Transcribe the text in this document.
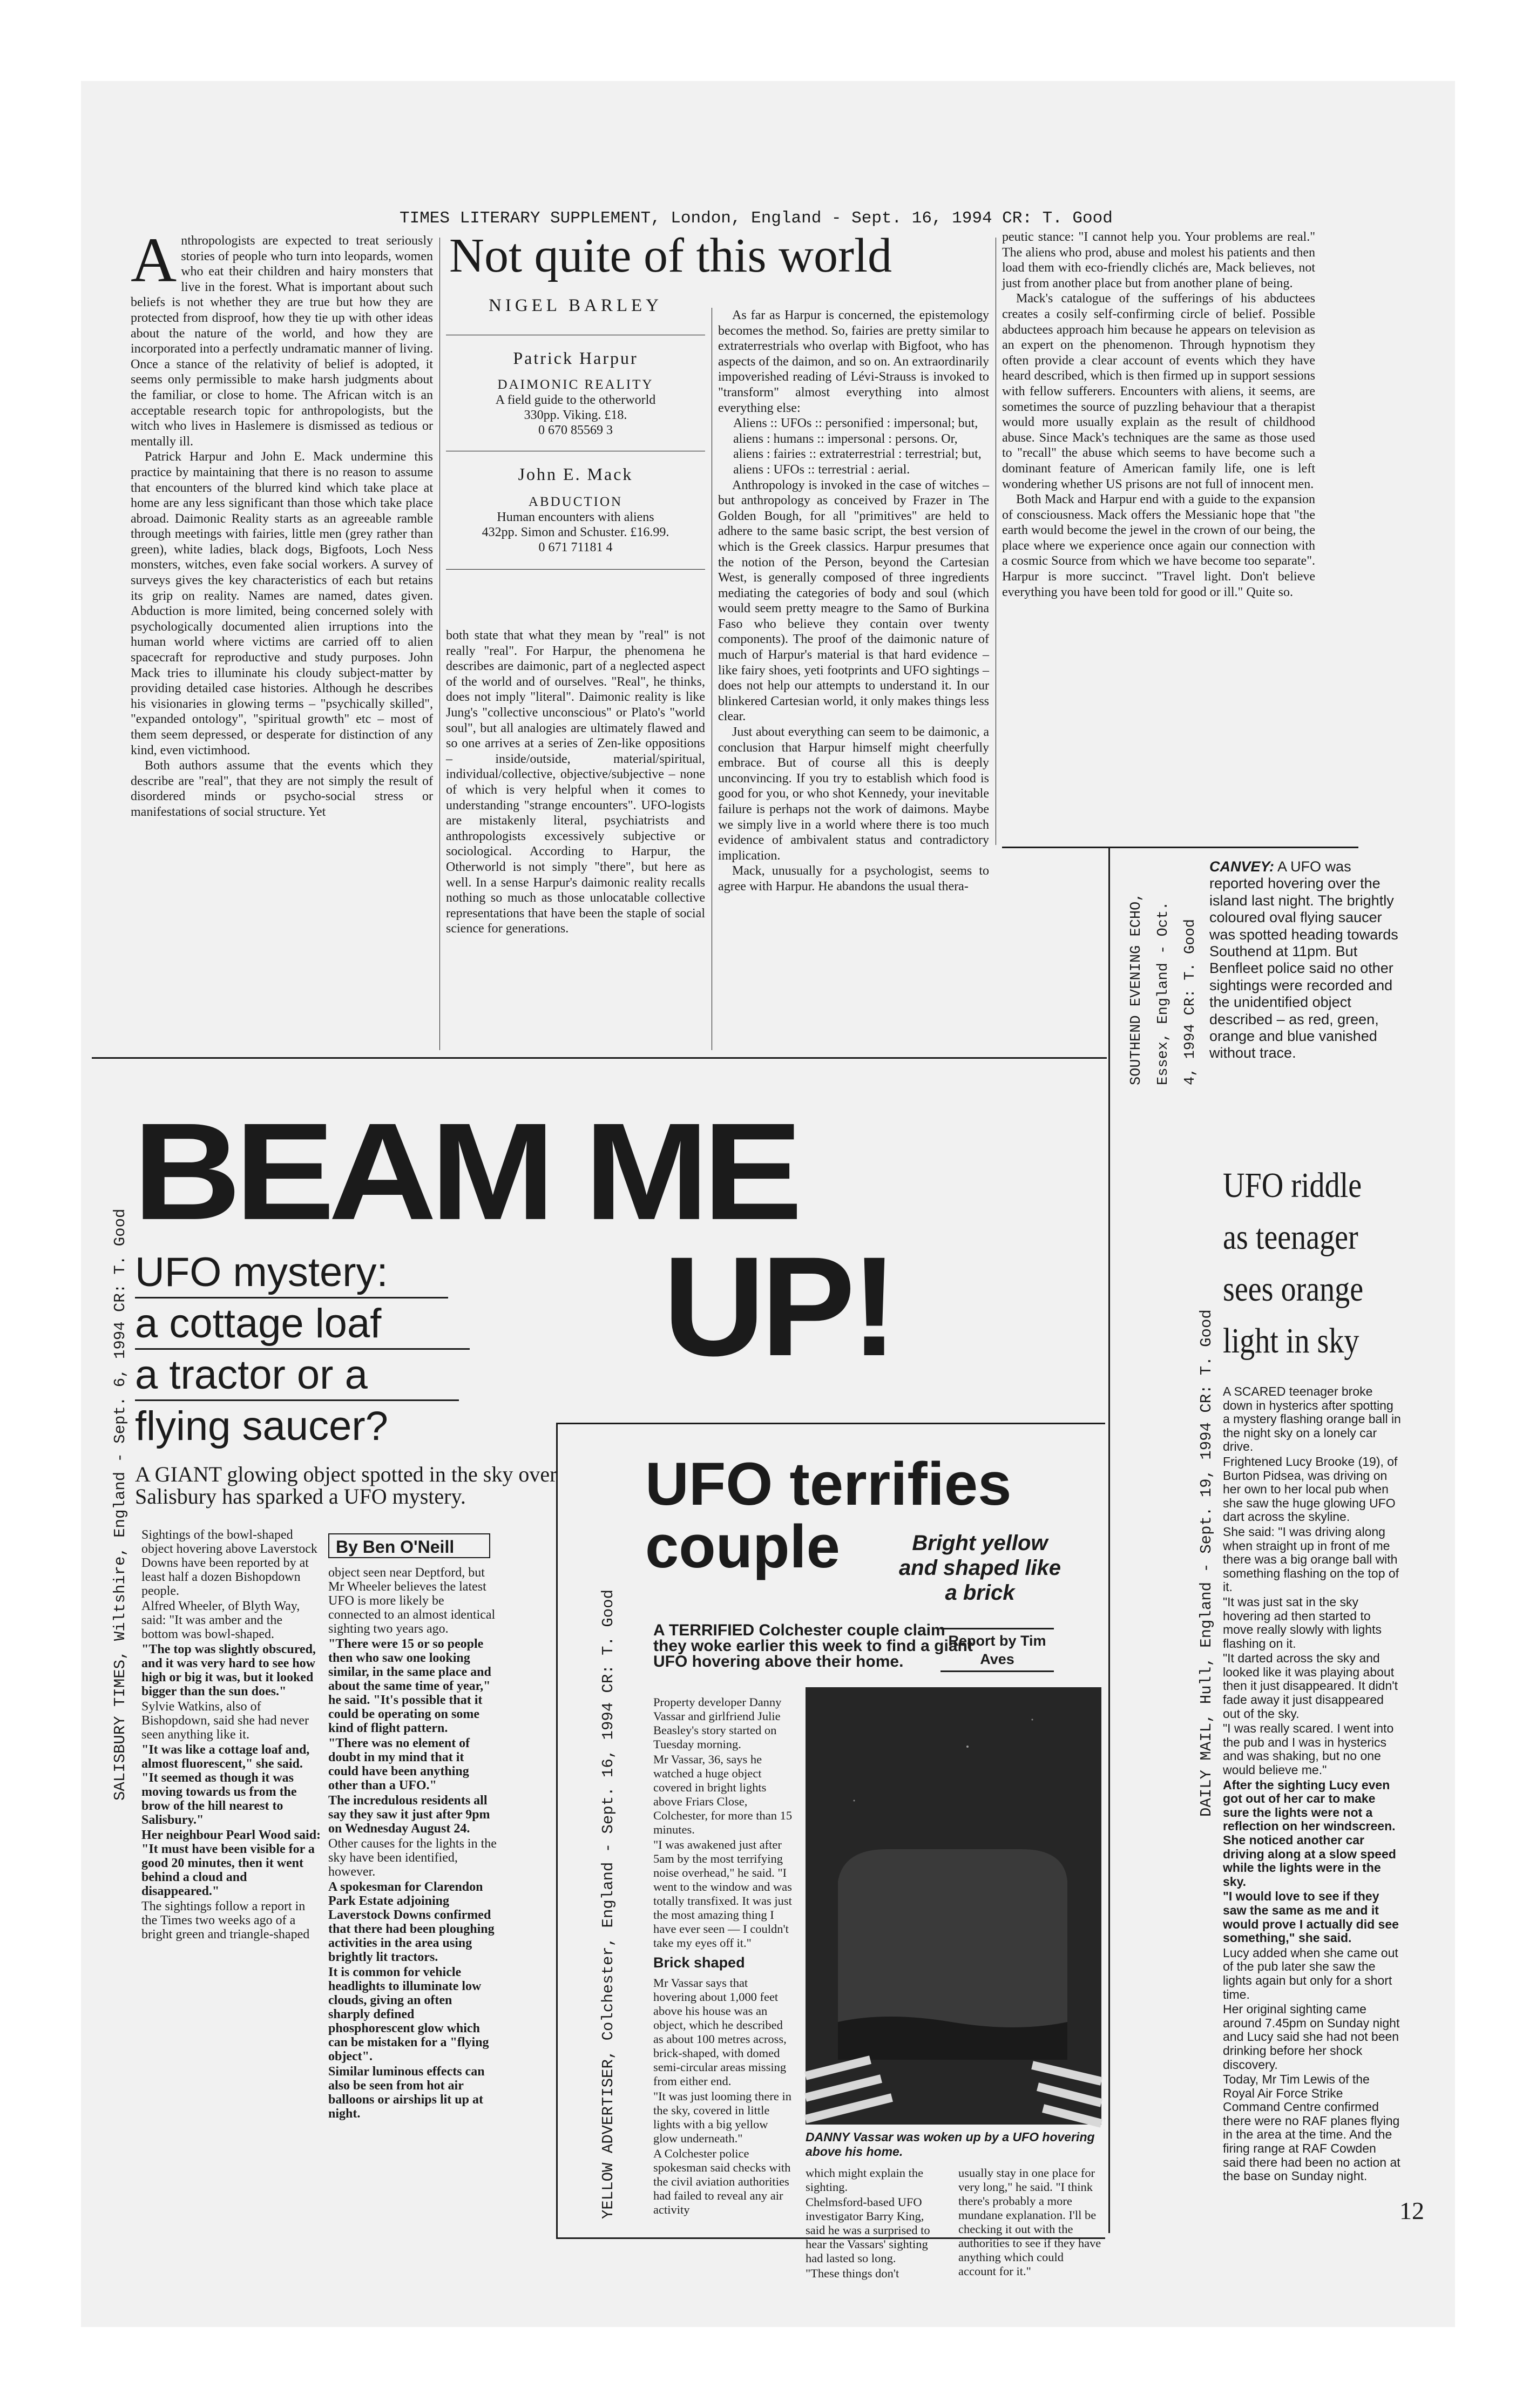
TIMES LITERARY SUPPLEMENT, London, England - Sept. 16, 1994 CR: T. Good
A nthropologists are expected to treat seriously stories of people who turn into leopards, women who eat their children and hairy monsters that live in the forest. What is important about such beliefs is not whether they are true but how they are protected from disproof, how they tie up with other ideas about the nature of the world, and how they are incorporated into a perfectly undramatic manner of living. Once a stance of the relativity of belief is adopted, it seems only permissible to make harsh judgments about the familiar, or close to home. The African witch is an acceptable research topic for anthropologists, but the witch who lives in Haslemere is dismissed as tedious or mentally ill.

Patrick Harpur and John E. Mack undermine this practice by maintaining that there is no reason to assume that encounters of the blurred kind which take place at home are any less significant than those which take place abroad. Daimonic Reality starts as an agreeable ramble through meetings with fairies, little men (grey rather than green), white ladies, black dogs, Bigfoots, Loch Ness monsters, witches, even fake social workers. A survey of surveys gives the key characteristics of each but retains its grip on reality. Names are named, dates given. Abduction is more limited, being concerned solely with psychologically documented alien irruptions into the human world where victims are carried off to alien spacecraft for reproductive and study purposes. John Mack tries to illuminate his cloudy subject-matter by providing detailed case histories. Although he describes his visionaries in glowing terms – "psychically skilled", "expanded ontology", "spiritual growth" etc – most of them seem depressed, or desperate for distinction of any kind, even victimhood.

Both authors assume that the events which they describe are "real", that they are not simply the result of disordered minds or psycho-social stress or manifestations of social structure. Yet

Not quite of this world
NIGEL BARLEY
Patrick Harpur
DAIMONIC REALITY
A field guide to the otherworld
330pp. Viking. £18.
0 670 85569 3
John E. Mack
ABDUCTION
Human encounters with aliens
432pp. Simon and Schuster. £16.99.
0 671 71181 4

both state that what they mean by "real" is not really "real". For Harpur, the phenomena he describes are daimonic, part of a neglected aspect of the world and of ourselves. "Real", he thinks, does not imply "literal". Daimonic reality is like Jung's "collective unconscious" or Plato's "world soul", but all analogies are ultimately flawed and so one arrives at a series of Zen-like oppositions – inside/outside, material/spiritual, individual/collective, objective/subjective – none of which is very helpful when it comes to understanding "strange encounters". UFO-logists are mistakenly literal, psychiatrists and anthropologists excessively subjective or sociological. According to Harpur, the Otherworld is not simply "there", but here as well. In a sense Harpur's daimonic reality recalls nothing so much as those unlocatable collective representations that have been the staple of social science for generations.

As far as Harpur is concerned, the epistemology becomes the method. So, fairies are pretty similar to extraterrestrials who overlap with Bigfoot, who has aspects of the daimon, and so on. An extraordinarily impoverished reading of Lévi-Strauss is invoked to "transform" almost everything into almost everything else:

Aliens :: UFOs :: personified : impersonal; but, aliens : humans :: impersonal : persons. Or, aliens : fairies :: extraterrestrial : terrestrial; but, aliens : UFOs :: terrestrial : aerial.

Anthropology is invoked in the case of witches – but anthropology as conceived by Frazer in The Golden Bough, for all "primitives" are held to adhere to the same basic script, the best version of which is the Greek classics. Harpur presumes that the notion of the Person, beyond the Cartesian West, is generally composed of three ingredients mediating the categories of body and soul (which would seem pretty meagre to the Samo of Burkina Faso who believe they contain over twenty components). The proof of the daimonic nature of much of Harpur's material is that hard evidence – like fairy shoes, yeti footprints and UFO sightings – does not help our attempts to understand it. In our blinkered Cartesian world, it only makes things less clear.

Just about everything can seem to be daimonic, a conclusion that Harpur himself might cheerfully embrace. But of course all this is deeply unconvincing. If you try to establish which food is good for you, or who shot Kennedy, your inevitable failure is perhaps not the work of daimons. Maybe we simply live in a world where there is too much evidence of ambivalent status and contradictory implication.

Mack, unusually for a psychologist, seems to agree with Harpur. He abandons the usual thera-

peutic stance: "I cannot help you. Your problems are real." The aliens who prod, abuse and molest his patients and then load them with eco-friendly clichés are, Mack believes, not just from another place but from another plane of being.

Mack's catalogue of the sufferings of his abductees creates a cosily self-confirming circle of belief. Possible abductees approach him because he appears on television as an expert on the phenomenon. Through hypnotism they often provide a clear account of events which they have heard described, which is then firmed up in support sessions with fellow sufferers. Encounters with aliens, it seems, are sometimes the source of puzzling behaviour that a therapist would more usually explain as the result of childhood abuse. Since Mack's techniques are the same as those used to "recall" the abuse which seems to have become such a dominant feature of American family life, one is left wondering whether US prisons are not full of innocent men.

Both Mack and Harpur end with a guide to the expansion of consciousness. Mack offers the Messianic hope that "the earth would become the jewel in the crown of our being, the place where we experience once again our connection with a cosmic Source from which we have become too separate". Harpur is more succinct. "Travel light. Don't believe everything you have been told for good or ill." Quite so.

SOUTHEND EVENING ECHO, Essex, England - Oct. 4, 1994 CR: T. Good
CANVEY: A UFO was reported hovering over the island last night. The brightly coloured oval flying saucer was spotted heading towards Southend at 11pm. But Benfleet police said no other sightings were recorded and the unidentified object described – as red, green, orange and blue vanished without trace.
BEAM ME
UP!
SALISBURY TIMES, Wiltshire, England - Sept. 6, 1994 CR: T. Good UFO mystery:
a cottage loaf
a tractor or a
flying saucer?
A GIANT glowing object spotted in the sky over Salisbury has sparked a UFO mystery.

Sightings of the bowl-shaped object hovering above Laverstock Downs have been reported by at least half a dozen Bishopdown people.

Alfred Wheeler, of Blyth Way, said: "It was amber and the bottom was bowl-shaped.

"The top was slightly obscured, and it was very hard to see how high or big it was, but it looked bigger than the sun does."

Sylvie Watkins, also of Bishopdown, said she had never seen anything like it.

"It was like a cottage loaf and, almost fluorescent," she said. "It seemed as though it was moving towards us from the brow of the hill nearest to Salisbury."

Her neighbour Pearl Wood said: "It must have been visible for a good 20 minutes, then it went behind a cloud and disappeared."

The sightings follow a report in the Times two weeks ago of a bright green and triangle-shaped

By Ben O'Neill

object seen near Deptford, but Mr Wheeler believes the latest UFO is more likely be connected to an almost identical sighting two years ago.

"There were 15 or so people then who saw one looking similar, in the same place and about the same time of year," he said. "It's possible that it could be operating on some kind of flight pattern.

"There was no element of doubt in my mind that it could have been anything other than a UFO."

The incredulous residents all say they saw it just after 9pm on Wednesday August 24.

Other causes for the lights in the sky have been identified, however.

A spokesman for Clarendon Park Estate adjoining Laverstock Downs confirmed that there had been ploughing activities in the area using brightly lit tractors.

It is common for vehicle headlights to illuminate low clouds, giving an often sharply defined phosphorescent glow which can be mistaken for a "flying object".

Similar luminous effects can also be seen from hot air balloons or airships lit up at night.	YELLOW ADVERTISER, Colchester, England - Sept. 16, 1994 CR: T. Good
UFO terrifies
couple	Bright yellow and shaped like a brick
A TERRIFIED Colchester couple claim they woke earlier this week to find a giant UFO hovering above their home.
Report by Tim Aves

Property developer Danny Vassar and girlfriend Julie Beasley's story started on Tuesday morning.

Mr Vassar, 36, says he watched a huge object covered in bright lights above Friars Close, Colchester, for more than 15 minutes.

"I was awakened just after 5am by the most terrifying noise overhead," he said. "I went to the window and was totally transfixed. It was just the most amazing thing I have ever seen — I couldn't take my eyes off it."

Brick shaped

Mr Vassar says that hovering about 1,000 feet above his house was an object, which he described as about 100 metres across, brick-shaped, with domed semi-circular areas missing from either end.

"It was just looming there in the sky, covered in little lights with a big yellow glow underneath."

A Colchester police spokesman said checks with the civil aviation authorities had failed to reveal any air activity

DANNY Vassar was woken up by a UFO hovering above his home.

which might explain the sighting.

Chelmsford-based UFO investigator Barry King, said he was a surprised to hear the Vassars' sighting had lasted so long.

"These things don't

usually stay in one place for very long," he said. "I think there's probably a more mundane explanation. I'll be checking it out with the authorities to see if they have anything which could account for it."

DAILY MAIL, Hull, England - Sept. 19, 1994 CR: T. Good
UFO riddle as teenager sees orange light in sky

A SCARED teenager broke down in hysterics after spotting a mystery flashing orange ball in the night sky on a lonely car drive.

Frightened Lucy Brooke (19), of Burton Pidsea, was driving on her own to her local pub when she saw the huge glowing UFO dart across the skyline.

She said: "I was driving along when straight up in front of me there was a big orange ball with something flashing on the top of it.

"It was just sat in the sky hovering ad then started to move really slowly with lights flashing on it.

"It darted across the sky and looked like it was playing about then it just disappeared. It didn't fade away it just disappeared out of the sky.

"I was really scared. I went into the pub and I was in hysterics and was shaking, but no one would believe me."

After the sighting Lucy even got out of her car to make sure the lights were not a reflection on her windscreen. She noticed another car driving along at a slow speed while the lights were in the sky.

"I would love to see if they saw the same as me and it would prove I actually did see something," she said.

Lucy added when she came out of the pub later she saw the lights again but only for a short time.

Her original sighting came around 7.45pm on Sunday night and Lucy said she had not been drinking before her shock discovery.

Today, Mr Tim Lewis of the Royal Air Force Strike Command Centre confirmed there were no RAF planes flying in the area at the time. And the firing range at RAF Cowden said there had been no action at the base on Sunday night.

12
